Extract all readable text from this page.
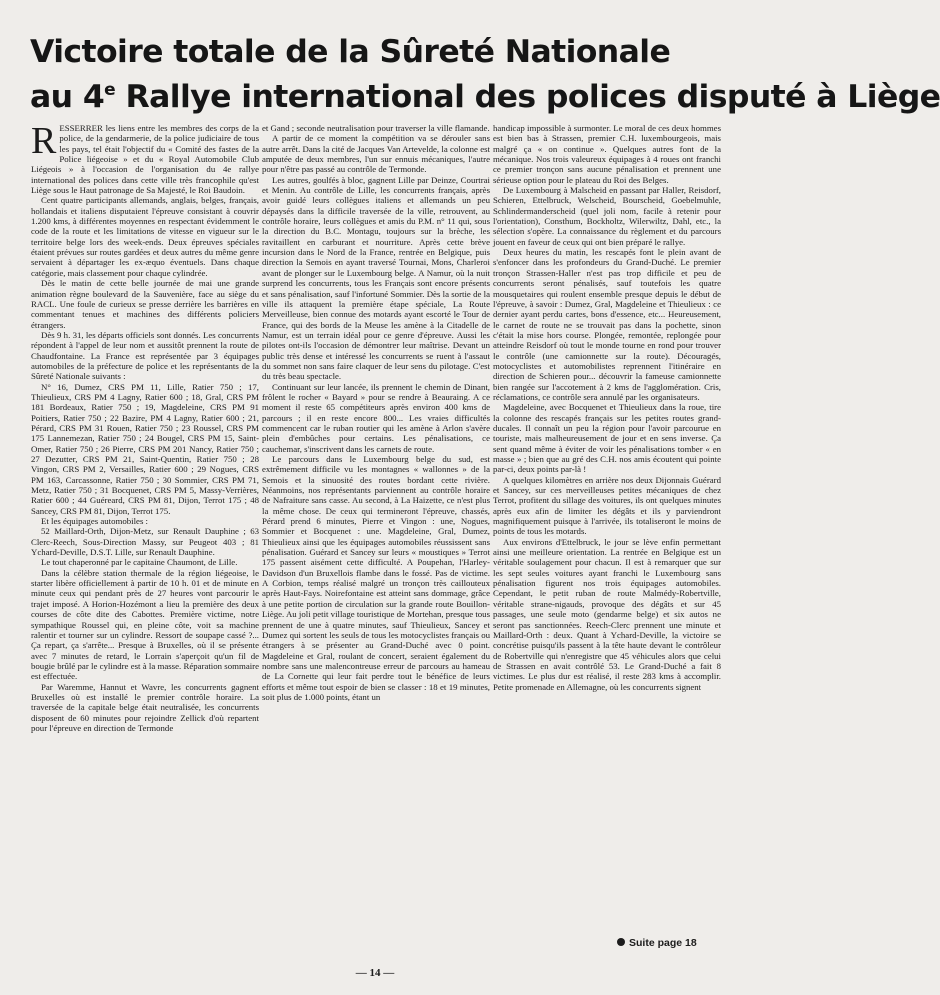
Victoire totale de la Sûreté Nationale
au 4e Rallye international des polices disputé à Liège

RESSERRER les liens entre les membres des corps de la police, de la gendarmerie, de la police judiciaire de tous les pays, tel était l'objectif du « Comité des fastes de la Police liégeoise » et du « Royal Automobile Club Liégeois » à l'occasion de l'organisation du 4e rallye international des polices dans cette ville très francophile qu'est Liège sous le Haut patronage de Sa Majesté, le Roi Baudoin.

Cent quatre participants allemands, anglais, belges, français, hollandais et italiens disputaient l'épreuve consistant à couvrir 1.200 kms, à différentes moyennes en respectant évidemment le code de la route et les limitations de vitesse en vigueur sur le territoire belge lors des week-ends. Deux épreuves spéciales étaient prévues sur routes gardées et deux autres du même genre servaient à départager les ex-æquo éventuels. Dans chaque catégorie, mais classement pour chaque cylindrée.

Dès le matin de cette belle journée de mai une grande animation règne boulevard de la Sauvenière, face au siège du RACL. Une foule de curieux se presse derrière les barrières en commentant tenues et machines des différents policiers étrangers.

Dès 9 h. 31, les départs officiels sont donnés. Les concurrents répondent à l'appel de leur nom et aussitôt prennent la route de Chaudfontaine. La France est représentée par 3 équipages automobiles de la préfecture de police et les représentants de la Sûreté Nationale suivants :

N° 16, Dumez, CRS PM 11, Lille, Ratier 750 ; 17, Thieulieux, CRS PM 4 Lagny, Ratier 600 ; 18, Gral, CRS PM 181 Bordeaux, Ratier 750 ; 19, Magdeleine, CRS PM 91 Poitiers, Ratier 750 ; 22 Bazire, PM 4 Lagny, Ratier 600 ; 21, Pérard, CRS PM 31 Rouen, Ratier 750 ; 23 Roussel, CRS PM 175 Lannemezan, Ratier 750 ; 24 Bougel, CRS PM 15, Saint-Omer, Ratier 750 ; 26 Pierre, CRS PM 201 Nancy, Ratier 750 ; 27 Dezutter, CRS PM 21, Saint-Quentin, Ratier 750 ; 28 Vingon, CRS PM 2, Versailles, Ratier 600 ; 29 Nogues, CRS PM 163, Carcassonne, Ratier 750 ; 30 Sommier, CRS PM 71, Metz, Ratier 750 ; 31 Bocquenet, CRS PM 5, Massy-Verrières, Ratier 600 ; 44 Guéreard, CRS PM 81, Dijon, Terrot 175 ; 48 Sancey, CRS PM 81, Dijon, Terrot 175.

Et les équipages automobiles :

52 Maillard-Orth, Dijon-Metz, sur Renault Dauphine ; 63 Clerc-Reech, Sous-Direction Massy, sur Peugeot 403 ; 81 Ychard-Deville, D.S.T. Lille, sur Renault Dauphine.

Le tout chaperonné par le capitaine Chaumont, de Lille.

Dans la célèbre station thermale de la région liégeoise, le starter libère officiellement à partir de 10 h. 01 et de minute en minute ceux qui pendant près de 27 heures vont parcourir le trajet imposé. A Horion-Hozémont a lieu la première des deux courses de côte dite des Cabottes. Première victime, notre sympathique Roussel qui, en pleine côte, voit sa machine ralentir et tourner sur un cylindre. Ressort de soupape cassé ?... Ça repart, ça s'arrête... Presque à Bruxelles, où il se présente avec 7 minutes de retard, le Lorrain s'aperçoit qu'un fil de bougie brûlé par le cylindre est à la masse. Réparation sommaire est effectuée.

Par Waremme, Hannut et Wavre, les concurrents gagnent Bruxelles où est installé le premier contrôle horaire. La traversée de la capitale belge était neutralisée, les concurrents disposent de 60 minutes pour rejoindre Zellick d'où repartent pour l'épreuve en direction de Termonde

et Gand ; seconde neutralisation pour traverser la ville flamande.

A partir de ce moment la compétition va se dérouler sans autre arrêt. Dans la cité de Jacques Van Artevelde, la colonne est amputée de deux membres, l'un sur ennuis mécaniques, l'autre pour n'être pas passé au contrôle de Termonde.

Les autres, goulfés à bloc, gagnent Lille par Deinze, Courtrai et Menin. Au contrôle de Lille, les concurrents français, après avoir guidé leurs collègues italiens et allemands un peu dépaysés dans la difficile traversée de la ville, retrouvent, au contrôle horaire, leurs collègues et amis du P.M. n° 11 qui, sous la direction du B.C. Montagu, toujours sur la brèche, les ravitaillent en carburant et nourriture. Après cette brève incursion dans le Nord de la France, rentrée en Belgique, puis direction la Semois en ayant traversé Tournai, Mons, Charleroi avant de plonger sur le Luxembourg belge. A Namur, où la nuit surprend les concurrents, tous les Français sont encore présents et sans pénalisation, sauf l'infortuné Sommier. Dès la sortie de la ville ils attaquent la première étape spéciale, La Route Merveilleuse, bien connue des motards ayant escorté le Tour de France, qui des bords de la Meuse les amène à la Citadelle de Namur, est un terrain idéal pour ce genre d'épreuve. Aussi les pilotes ont-ils l'occasion de démontrer leur maîtrise. Devant un public très dense et intéressé les concurrents se ruent à l'assaut du sommet non sans faire claquer de leur sens du pilotage. C'est du très beau spectacle.

Continuant sur leur lancée, ils prennent le chemin de Dinant, frôlent le rocher « Bayard » pour se rendre à Beauraing. A ce moment il reste 65 compétiteurs après environ 400 kms de parcours ; il en reste encore 800... Les vraies difficultés commencent car le ruban routier qui les amène à Arlon s'avère plein d'embûches pour certains. Les pénalisations, ce cauchemar, s'inscrivent dans les carnets de route.

Le parcours dans le Luxembourg belge du sud, est extrêmement difficile vu les montagnes « wallonnes » de la Semois et la sinuosité des routes bordant cette rivière. Néanmoins, nos représentants parviennent au contrôle horaire de Nafraiture sans casse. Au second, à La Haizette, ce n'est plus la même chose. De ceux qui termineront l'épreuve, chassés, Pérard prend 6 minutes, Pierre et Vingon : une, Nogues, Sommier et Bocquenet : une. Magdeleine, Gral, Dumez, Thieulieux ainsi que les équipages automobiles réussissent sans pénalisation. Guérard et Sancey sur leurs « moustiques » Terrot 175 passent aisément cette difficulté. A Poupehan, l'Harley-Davidson d'un Bruxellois flambe dans le fossé. Pas de victime. A Corbion, temps réalisé malgré un tronçon très caillouteux après Haut-Fays. Noirefontaine est atteint sans dommage, grâce à une petite portion de circulation sur la grande route Bouillon-Liège. Au joli petit village touristique de Mortehan, presque tous prennent de une à quatre minutes, sauf Thieulieux, Sancey et Dumez qui sortent les seuls de tous les motocyclistes français ou étrangers à se présenter au Grand-Duché avec 0 point. Magdeleine et Gral, roulant de concert, seraient également du nombre sans une malencontreuse erreur de parcours au hameau de La Cornette qui leur fait perdre tout le bénéfice de leurs efforts et même tout espoir de bien se classer : 18 et 19 minutes, soit plus de 1.000 points, étant un

handicap impossible à surmonter. Le moral de ces deux hommes est bien bas à Strassen, premier C.H. luxembourgeois, mais malgré ça « on continue ». Quelques autres font de la mécanique. Nos trois valeureux équipages à 4 roues ont franchi ce premier tronçon sans aucune pénalisation et prennent une sérieuse option pour le plateau du Roi des Belges.

De Luxembourg à Malscheid en passant par Haller, Reisdorf, Schieren, Ettelbruck, Welscheid, Bourscheid, Goebelmuhle, Schlindermanderscheid (quel joli nom, facile à retenir pour l'orientation), Consthum, Bockholtz, Wilerwiltz, Dahl, etc., la sélection s'opère. La connaissance du règlement et du parcours jouent en faveur de ceux qui ont bien préparé le rallye.

Deux heures du matin, les rescapés font le plein avant de s'enfoncer dans les profondeurs du Grand-Duché. Le premier tronçon Strassen-Haller n'est pas trop difficile et peu de concurrents seront pénalisés, sauf toutefois les quatre mousquetaires qui roulent ensemble presque depuis le début de l'épreuve, à savoir : Dumez, Gral, Magdeleine et Thieulieux : ce dernier ayant perdu cartes, bons d'essence, etc... Heureusement, le carnet de route ne se trouvait pas dans la pochette, sinon c'était la mise hors course. Plongée, remontée, replongée pour atteindre Reisdorf où tout le monde tourne en rond pour trouver le contrôle (une camionnette sur la route). Découragés, motocyclistes et automobilistes reprennent l'itinéraire en direction de Schieren pour... découvrir la fameuse camionnette bien rangée sur l'accotement à 2 kms de l'agglomération. Cris, réclamations, ce contrôle sera annulé par les organisateurs.

Magdeleine, avec Bocquenet et Thieulieux dans la roue, tire la colonne des rescapés français sur les petites routes grand-ducales. Il connaît un peu la région pour l'avoir parcourue en touriste, mais malheureusement de jour et en sens inverse. Ça sent quand même à éviter de voir les pénalisations tomber « en masse » ; bien que au gré des C.H. nos amis écoutent qui pointe par-ci, deux points par-là !

A quelques kilomètres en arrière nos deux Dijonnais Guérard et Sancey, sur ces merveilleuses petites mécaniques de chez Terrot, profitent du sillage des voitures, ils ont quelques minutes après eux afin de limiter les dégâts et ils y parviendront magnifiquement puisque à l'arrivée, ils totaliseront le moins de points de tous les motards.

Aux environs d'Ettelbruck, le jour se lève enfin permettant ainsi une meilleure orientation. La rentrée en Belgique est un véritable soulagement pour chacun. Il est à remarquer que sur les sept seules voitures ayant franchi le Luxembourg sans pénalisation figurent nos trois équipages automobiles. Cependant, le petit ruban de route Malmédy-Robertville, véritable strane-nigauds, provoque des dégâts et sur 45 passages, une seule moto (gendarme belge) et six autos ne seront pas sanctionnées. Reech-Clerc prennent une minute et Maillard-Orth : deux. Quant à Ychard-Deville, la victoire se concrétise puisqu'ils passent à la tête haute devant le contrôleur de Robertville qui n'enregistre que 45 véhicules alors que celui de Strassen en avait contrôlé 53. Le Grand-Duché a fait 8 victimes. Le plus dur est réalisé, il reste 283 kms à accomplir. Petite promenade en Allemagne, où les concurrents signent

Suite page 18
— 14 —
